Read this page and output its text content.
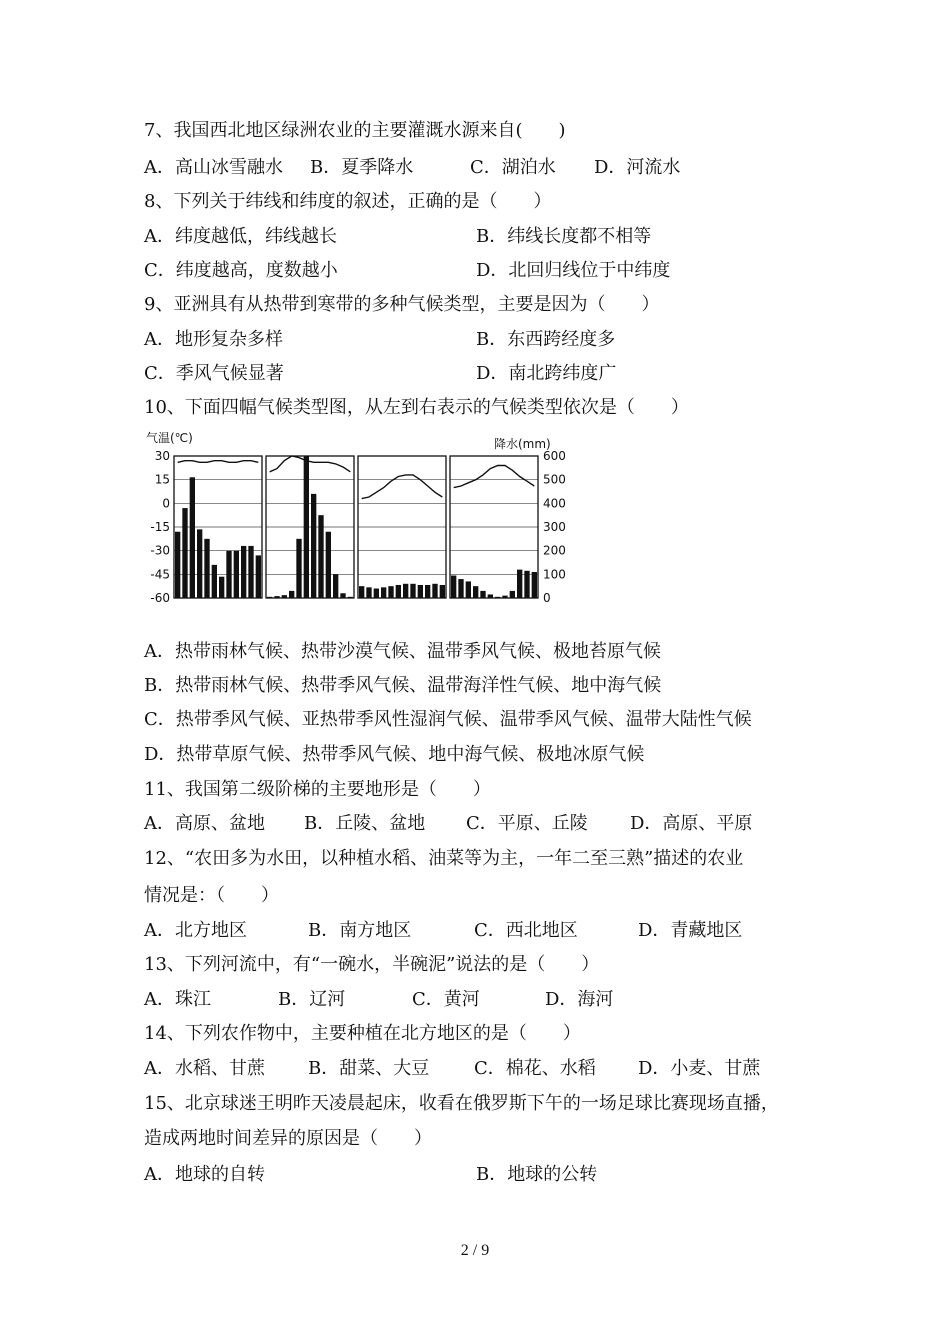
7、我国西北地区绿洲农业的主要灌溉水源来自(　　)
A．高山冰雪融水 B．夏季降水	C．湖泊水 D．河流水
8、下列关于纬线和纬度的叙述，正确的是（　　）
A．纬度越低，纬线越长	B．纬线长度都不相等
C．纬度越高，度数越小	D．北回归线位于中纬度
9、亚洲具有从热带到寒带的多种气候类型，主要是因为（　　）
A．地形复杂多样	B．东西跨经度多
C．季风气候显著	D．南北跨纬度广
10、下面四幅气候类型图，从左到右表示的气候类型依次是（　　）
气温(℃)	降水(mm)
30
15
0
-15
-30
-45
-60
600
500
400
300
200
100
0
A．热带雨林气候、热带沙漠气候、温带季风气候、极地苔原气候
B．热带雨林气候、热带季风气候、温带海洋性气候、地中海气候
C．热带季风气候、亚热带季风性湿润气候、温带季风气候、温带大陆性气候
D．热带草原气候、热带季风气候、地中海气候、极地冰原气候
11、我国第二级阶梯的主要地形是（　　）
A．高原、盆地 B．丘陵、盆地 C．平原、丘陵 D．高原、平原
12、“农田多为水田，以种植水稻、油菜等为主，一年二至三熟”描述的农业
情况是：（　　）
A．北方地区	B．南方地区	C．西北地区	D．青藏地区
13、下列河流中，有“一碗水，半碗泥”说法的是（　　）
A．珠江	B．辽河	C．黄河	D．海河
14、下列农作物中，主要种植在北方地区的是（　　）
A．水稻、甘蔗 B．甜菜、大豆 C．棉花、水稻 D．小麦、甘蔗
15、北京球迷王明昨天凌晨起床，收看在俄罗斯下午的一场足球比赛现场直播，
造成两地时间差异的原因是（　　）
A．地球的自转	B．地球的公转
2 / 9
